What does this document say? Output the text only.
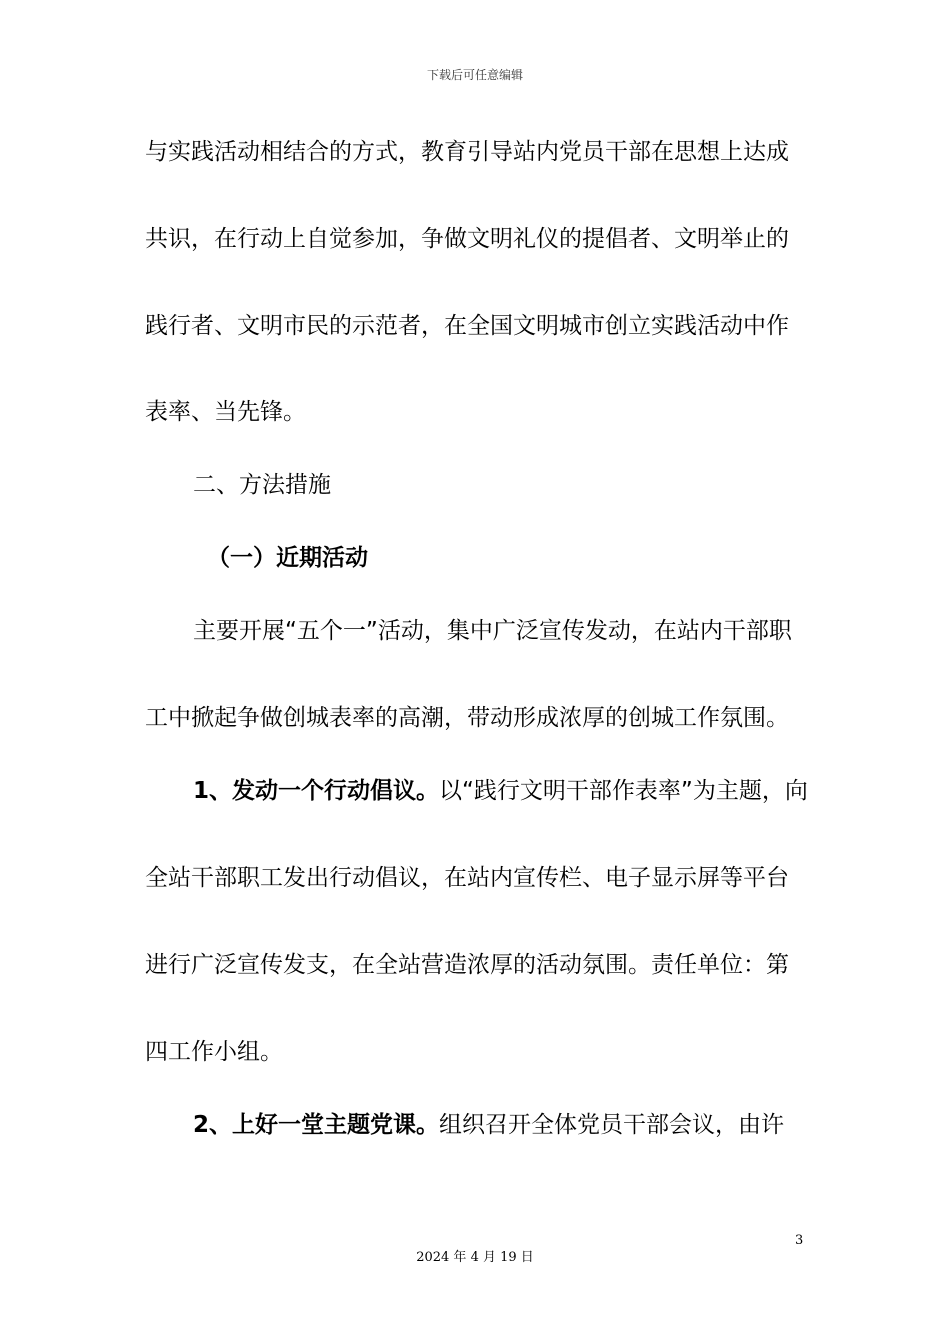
下载后可任意编辑
与实践活动相结合的方式，教育引导站内党员干部在思想上达成
共识，在行动上自觉参加，争做文明礼仪的提倡者、文明举止的
践行者、文明市民的示范者，在全国文明城市创立实践活动中作
表率、当先锋。
二、方法措施
（一）近期活动
主要开展“五个一”活动，集中广泛宣传发动，在站内干部职
工中掀起争做创城表率的高潮，带动形成浓厚的创城工作氛围。
1、发动一个行动倡议。以“践行文明干部作表率”为主题，向
全站干部职工发出行动倡议，在站内宣传栏、电子显示屏等平台
进行广泛宣传发支，在全站营造浓厚的活动氛围。责任单位：第
四工作小组。
2、上好一堂主题党课。组织召开全体党员干部会议，由许
3
2024 年 4 月 19 日
